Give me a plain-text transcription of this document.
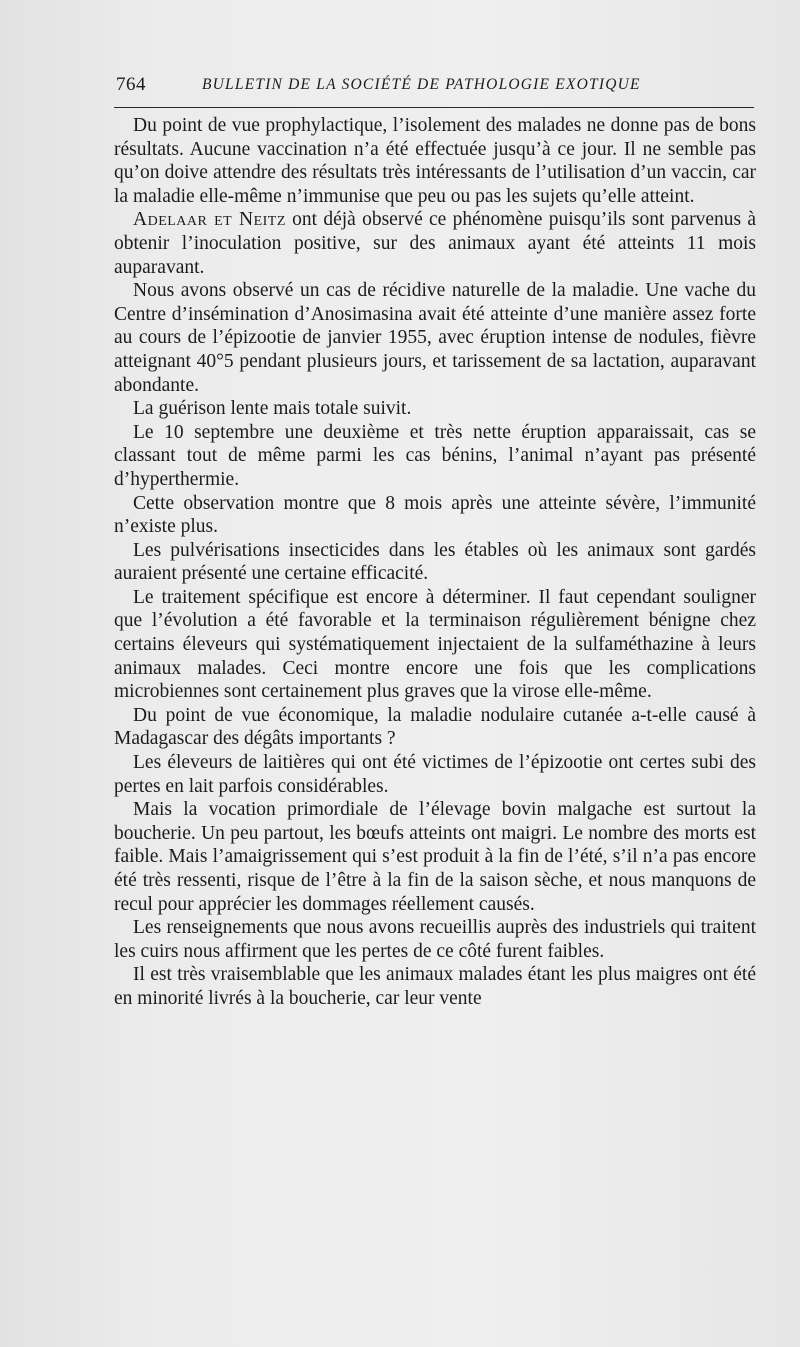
764	BULLETIN DE LA SOCIÉTÉ DE PATHOLOGIE EXOTIQUE

Du point de vue prophylactique, l’isolement des malades ne donne pas de bons résultats. Aucune vaccination n’a été effectuée jusqu’à ce jour. Il ne semble pas qu’on doive attendre des résultats très intéressants de l’utilisation d’un vaccin, car la maladie elle-même n’immunise que peu ou pas les sujets qu’elle atteint.

Adelaar et Neitz ont déjà observé ce phénomène puisqu’ils sont parvenus à obtenir l’inoculation positive, sur des animaux ayant été atteints 11 mois auparavant.

Nous avons observé un cas de récidive naturelle de la maladie. Une vache du Centre d’insémination d’Anosimasina avait été atteinte d’une manière assez forte au cours de l’épizootie de janvier 1955, avec éruption intense de nodules, fièvre atteignant 40°5 pendant plusieurs jours, et tarissement de sa lactation, auparavant abondante.

La guérison lente mais totale suivit.

Le 10 septembre une deuxième et très nette éruption apparaissait, cas se classant tout de même parmi les cas bénins, l’animal n’ayant pas présenté d’hyperthermie.

Cette observation montre que 8 mois après une atteinte sévère, l’immunité n’existe plus.

Les pulvérisations insecticides dans les étables où les animaux sont gardés auraient présenté une certaine efficacité.

Le traitement spécifique est encore à déterminer. Il faut cependant souligner que l’évolution a été favorable et la terminaison régulièrement bénigne chez certains éleveurs qui systématiquement injectaient de la sulfaméthazine à leurs animaux malades. Ceci montre encore une fois que les complications microbiennes sont certainement plus graves que la virose elle-même.

Du point de vue économique, la maladie nodulaire cutanée a-t-elle causé à Madagascar des dégâts importants ?

Les éleveurs de laitières qui ont été victimes de l’épizootie ont certes subi des pertes en lait parfois considérables.

Mais la vocation primordiale de l’élevage bovin malgache est surtout la boucherie. Un peu partout, les bœufs atteints ont maigri. Le nombre des morts est faible. Mais l’amaigrissement qui s’est produit à la fin de l’été, s’il n’a pas encore été très ressenti, risque de l’être à la fin de la saison sèche, et nous manquons de recul pour apprécier les dommages réellement causés.

Les renseignements que nous avons recueillis auprès des industriels qui traitent les cuirs nous affirment que les pertes de ce côté furent faibles.

Il est très vraisemblable que les animaux malades étant les plus maigres ont été en minorité livrés à la boucherie, car leur vente
